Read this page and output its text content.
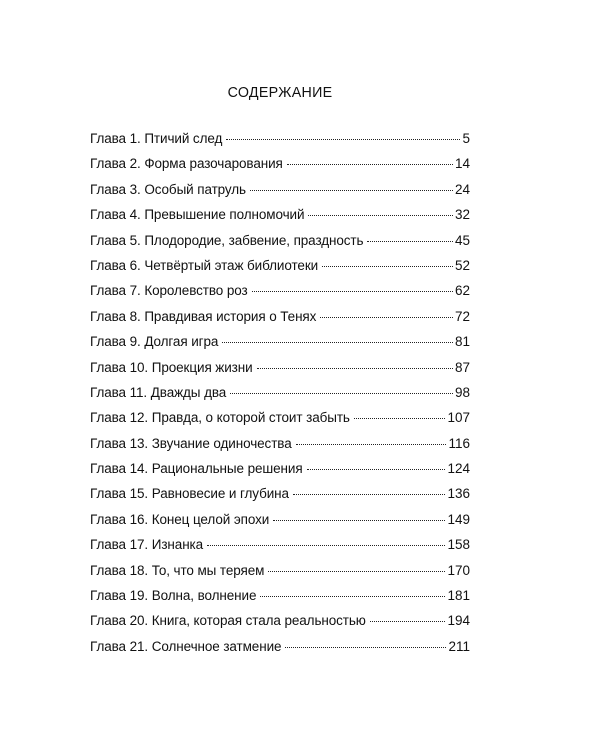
СОДЕРЖАНИЕ
Глава 1. Птичий след	5
Глава 2. Форма разочарования	14
Глава 3. Особый патруль	24
Глава 4. Превышение полномочий	32
Глава 5. Плодородие, забвение, праздность	45
Глава 6. Четвёртый этаж библиотеки	52
Глава 7. Королевство роз	62
Глава 8. Правдивая история о Тенях	72
Глава 9. Долгая игра	81
Глава 10. Проекция жизни	87
Глава 11. Дважды два	98
Глава 12. Правда, о которой стоит забыть	107
Глава 13. Звучание одиночества	116
Глава 14. Рациональные решения	124
Глава 15. Равновесие и глубина	136
Глава 16. Конец целой эпохи	149
Глава 17. Изнанка	158
Глава 18. То, что мы теряем	170
Глава 19. Волна, волнение	181
Глава 20. Книга, которая стала реальностью	194
Глава 21. Солнечное затмение	211
